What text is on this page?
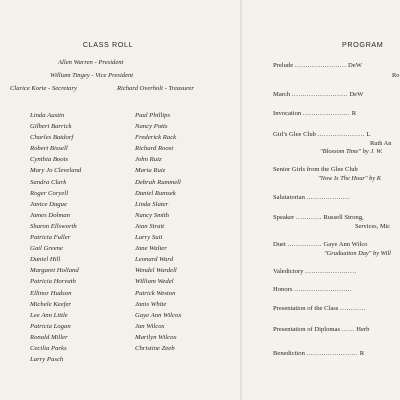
CLASS ROLL
Allen Warren - President
William Tingey - Vice President
Clarice Korte - Secretary	Richard Overholt - Treasurer
Linda Austin
Gilbert Barrick
Charles Batdorf
Robert Bissell
Cynthia Boots
Mary Jo Cleveland
Sandra Clark
Roger Coryell
Janice Dague
James Dolman
Sharon Ellsworth
Patricia Fuller
Gail Greene
Daniel Hill
Margaret Holland
Patricia Horvath
Ellinor Hudson
Michele Keefer
Lee Ann Little
Patricia Logan
Ronald Miller
Cecilia Parks
Larry Pasch
Paul Phillips
Nancy Potts
Frederick Rack
Richard Roost
John Ruiz
Maria Ruiz
Debrah Rummell
Daniel Rumsek
Linda Slater
Nancy Smith
Jean Strait
Larry Suit
Jane Walter
Leonard Ward
Wendel Wardell
William Wedel
Patrick Weston
Janis White
Gaye Ann Wilcox
Jan Wilcox
Marilyn Wilcox
Christine Zeeb
PROGRAM
Prelude ........................ DeW
Ro
March .......................... DeW
Invocation ...................... R
Girl's Glee Club ...................... L
Ruth An
"Blossom Time" by J. W.
Senior Girls from the Glee Club
"Now Is The Hour" by K
Salutatorian ....................
Speaker ............ Russell Strong,
Services, Mic
Duet ................ Gaye Ann Wilco
"Graduation Day" by Will
Valedictory ........................
Honors ...........................
Presentation of the Class ............
Presentation of Diplomas ...... Herb
Benediction ........................ R
